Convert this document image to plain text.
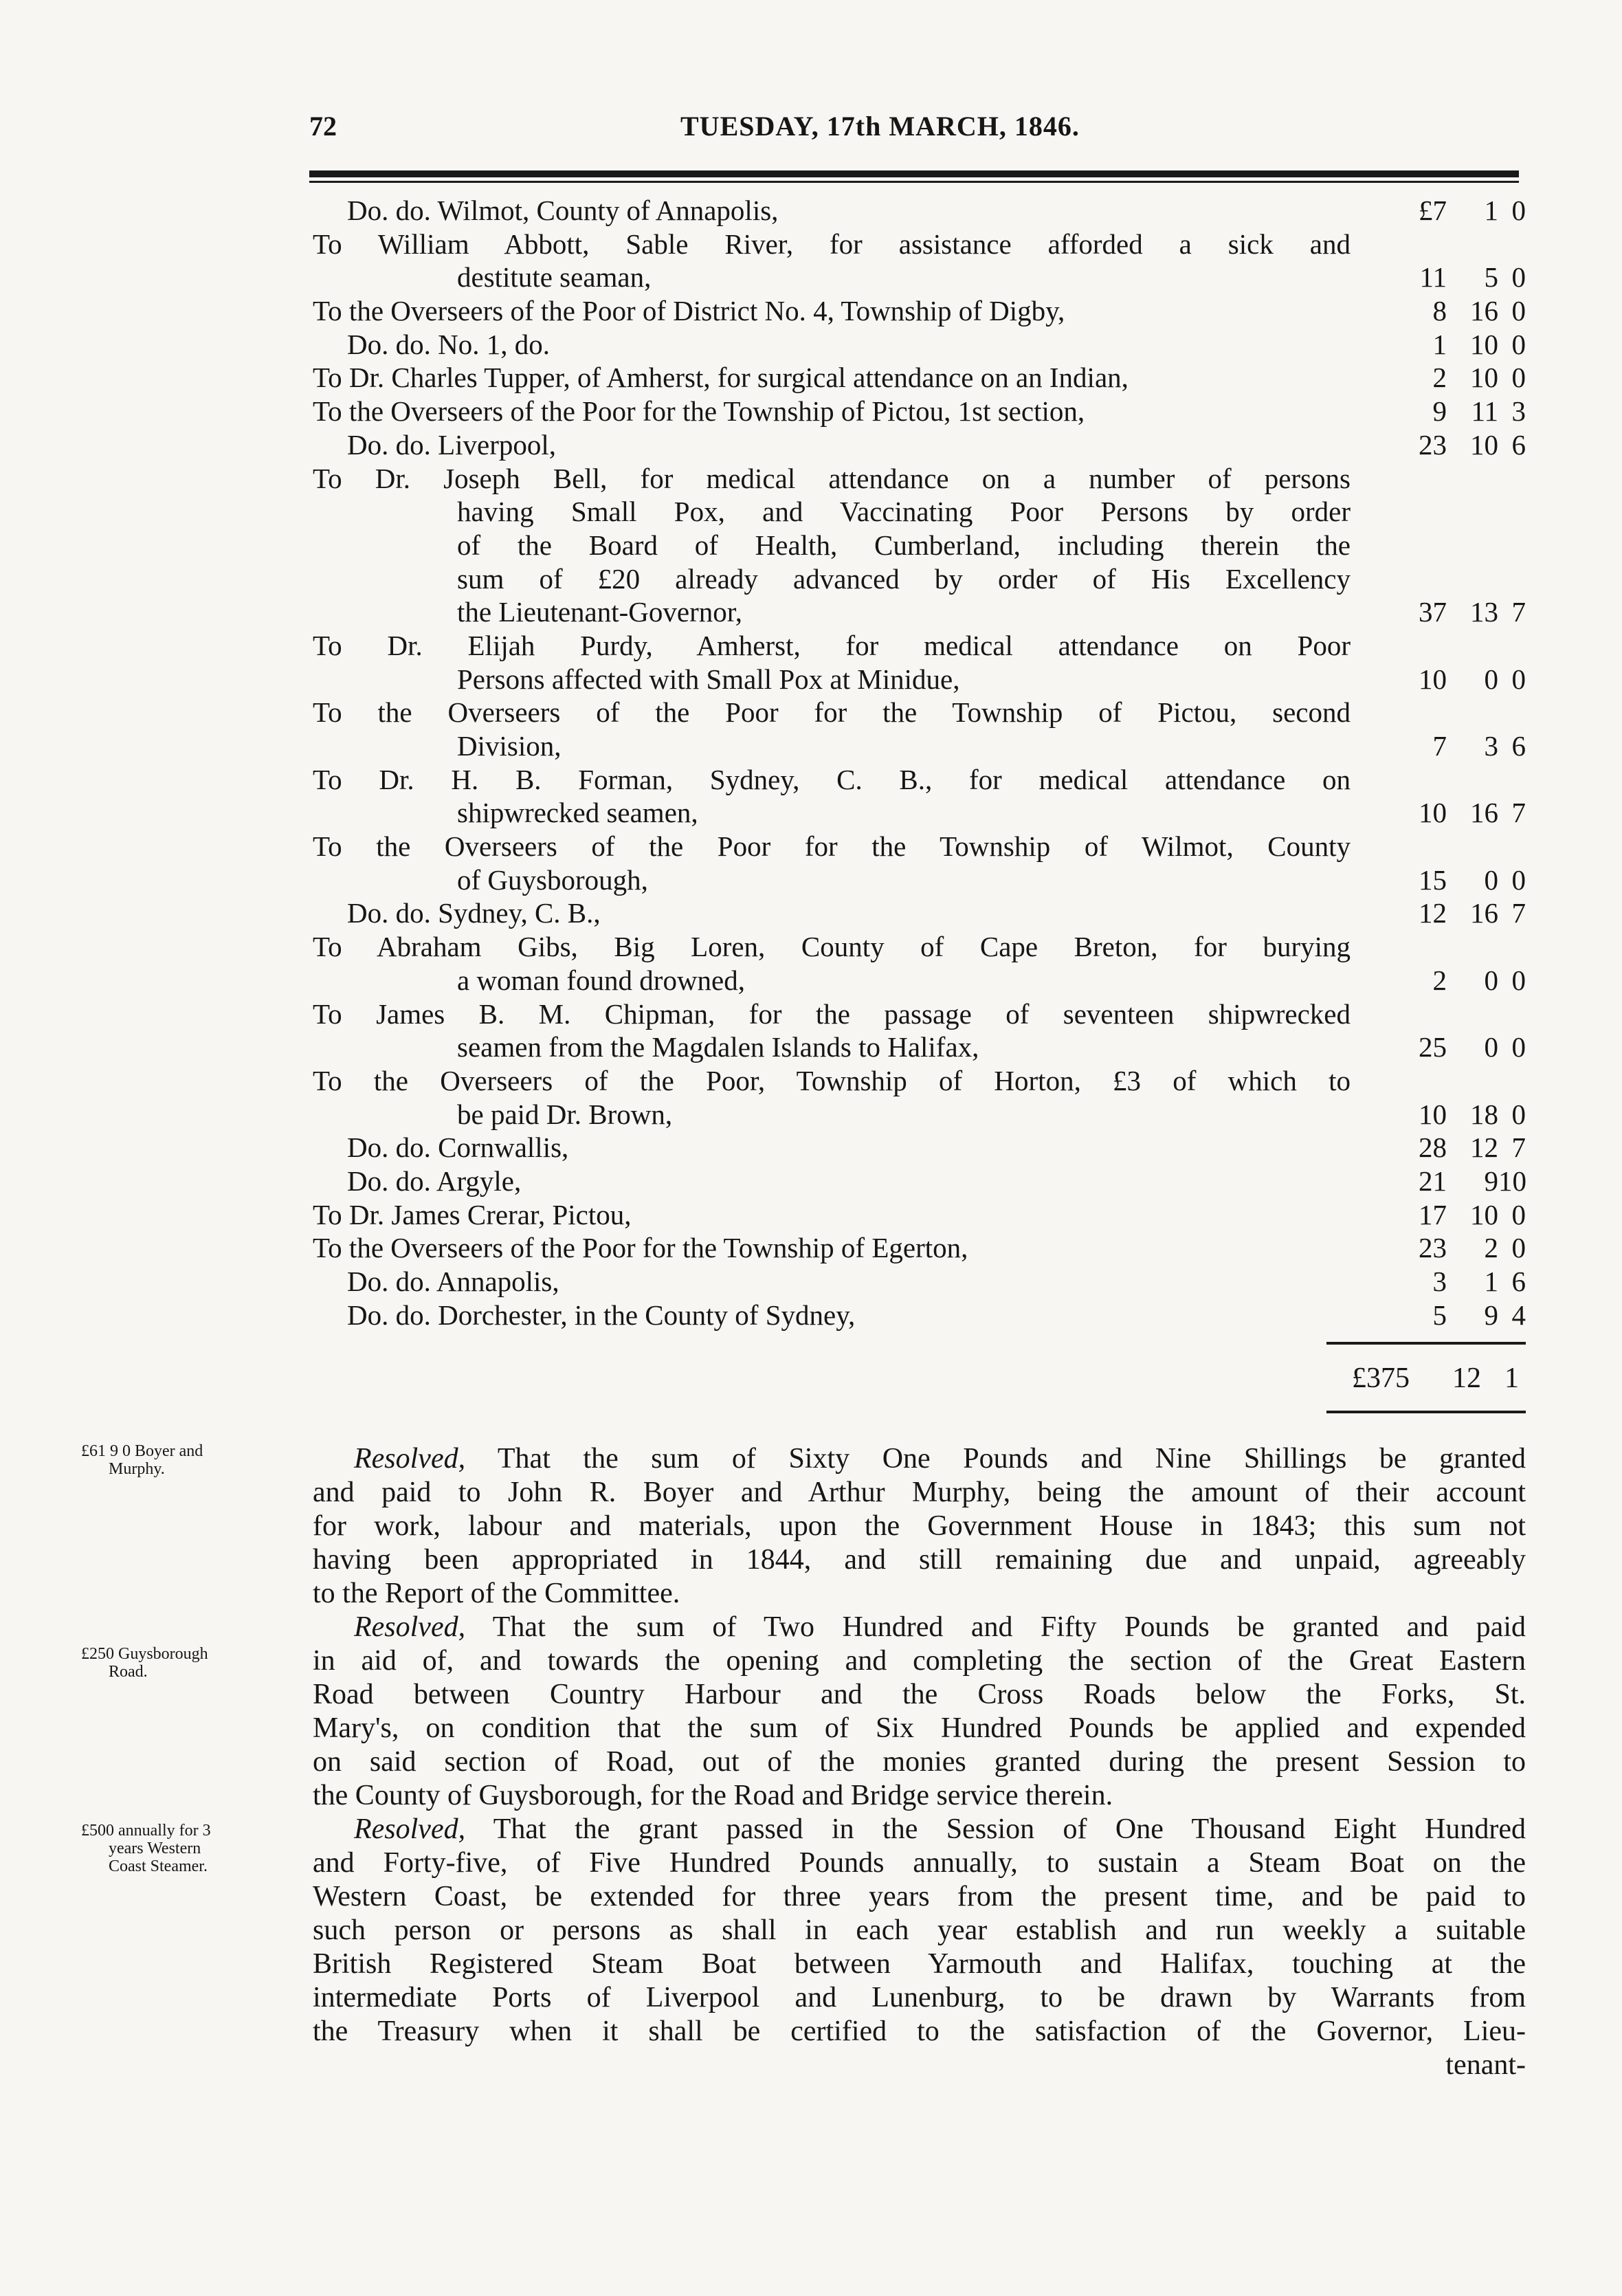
72	TUESDAY, 17th MARCH, 1846.
Do. do. Wilmot, County of Annapolis,	£7	1 0
To William Abbott, Sable River, for assistance afforded a sick and
destitute seaman,	11	5 0
To the Overseers of the Poor of District No. 4, Township of Digby,	8 16 0
Do. do. No. 1, do.	1 10 0
To Dr. Charles Tupper, of Amherst, for surgical attendance on an Indian,	2 10 0
To the Overseers of the Poor for the Township of Pictou, 1st section,	9 11 3
Do. do. Liverpool,	23 10 6
To Dr. Joseph Bell, for medical attendance on a number of persons
having Small Pox, and Vaccinating Poor Persons by order
of the Board of Health, Cumberland, including therein the
sum of £20 already advanced by order of His Excellency
the Lieutenant-Governor,	37 13 7
To Dr. Elijah Purdy, Amherst, for medical attendance on Poor
Persons affected with Small Pox at Minidue,	10	0 0
To the Overseers of the Poor for the Township of Pictou, second
Division,	7	3 6
To Dr. H. B. Forman, Sydney, C. B., for medical attendance on
shipwrecked seamen,	10 16 7
To the Overseers of the Poor for the Township of Wilmot, County
of Guysborough,	15	0 0
Do. do. Sydney, C. B.,	12 16 7
To Abraham Gibs, Big Loren, County of Cape Breton, for burying
a woman found drowned,	2	0 0
To James B. M. Chipman, for the passage of seventeen shipwrecked
seamen from the Magdalen Islands to Halifax,	25	0 0
To the Overseers of the Poor, Township of Horton, £3 of which to
be paid Dr. Brown,	10 18 0
Do. do. Cornwallis,	28 12 7
Do. do. Argyle,	21	9 10
To Dr. James Crerar, Pictou,	17 10 0
To the Overseers of the Poor for the Township of Egerton,	23	2 0
Do. do. Annapolis,	3	1 6
Do. do. Dorchester, in the County of Sydney,	5	9 4
£375	12 1
£61 9 0 Boyer and
Murphy.
£250 Guysborough
Road.
£500 annually for 3
years Western
Coast Steamer.
Resolved, That the sum of Sixty One Pounds and Nine Shillings be granted
and paid to John R. Boyer and Arthur Murphy, being the amount of their account
for work, labour and materials, upon the Government House in 1843; this sum not
having been appropriated in 1844, and still remaining due and unpaid, agreeably
to the Report of the Committee.
Resolved, That the sum of Two Hundred and Fifty Pounds be granted and paid
in aid of, and towards the opening and completing the section of the Great Eastern
Road between Country Harbour and the Cross Roads below the Forks, St.
Mary's, on condition that the sum of Six Hundred Pounds be applied and expended
on said section of Road, out of the monies granted during the present Session to
the County of Guysborough, for the Road and Bridge service therein.
Resolved, That the grant passed in the Session of One Thousand Eight Hundred
and Forty-five, of Five Hundred Pounds annually, to sustain a Steam Boat on the
Western Coast, be extended for three years from the present time, and be paid to
such person or persons as shall in each year establish and run weekly a suitable
British Registered Steam Boat between Yarmouth and Halifax, touching at the
intermediate Ports of Liverpool and Lunenburg, to be drawn by Warrants from
the Treasury when it shall be certified to the satisfaction of the Governor, Lieu-
tenant-
